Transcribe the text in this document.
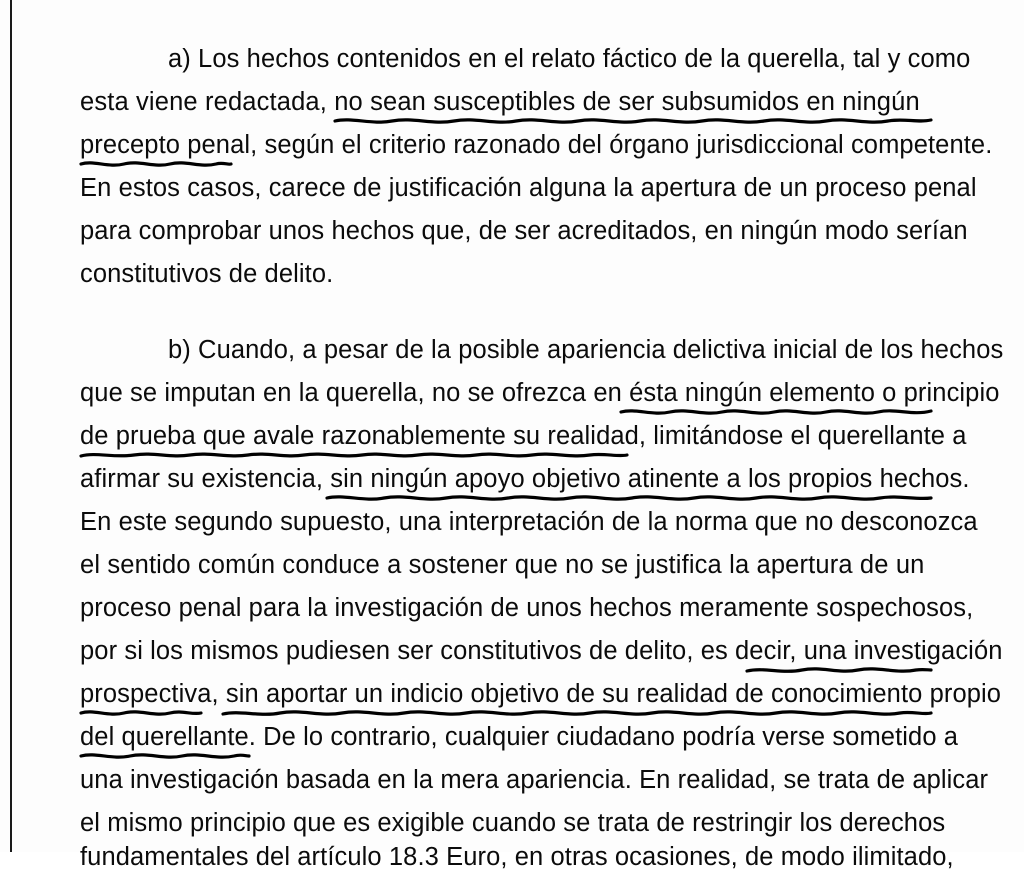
a) Los hechos contenidos en el relato fáctico de la querella, tal y como
esta viene redactada, no sean susceptibles de ser subsumidos en ningún
precepto penal, según el criterio razonado del órgano jurisdiccional competente.
En estos casos, carece de justificación alguna la apertura de un proceso penal
para comprobar unos hechos que, de ser acreditados, en ningún modo serían
constitutivos de delito.
b) Cuando, a pesar de la posible apariencia delictiva inicial de los hechos
que se imputan en la querella, no se ofrezca en ésta ningún elemento o principio
de prueba que avale razonablemente su realidad, limitándose el querellante a
afirmar su existencia, sin ningún apoyo objetivo atinente a los propios hechos.
En este segundo supuesto, una interpretación de la norma que no desconozca
el sentido común conduce a sostener que no se justifica la apertura de un
proceso penal para la investigación de unos hechos meramente sospechosos,
por si los mismos pudiesen ser constitutivos de delito, es decir, una investigación
prospectiva, sin aportar un indicio objetivo de su realidad de conocimiento propio
del querellante. De lo contrario, cualquier ciudadano podría verse sometido a
una investigación basada en la mera apariencia. En realidad, se trata de aplicar
el mismo principio que es exigible cuando se trata de restringir los derechos
fundamentales del artículo 18.3 Euro, en otras ocasiones, de modo ilimitado,
